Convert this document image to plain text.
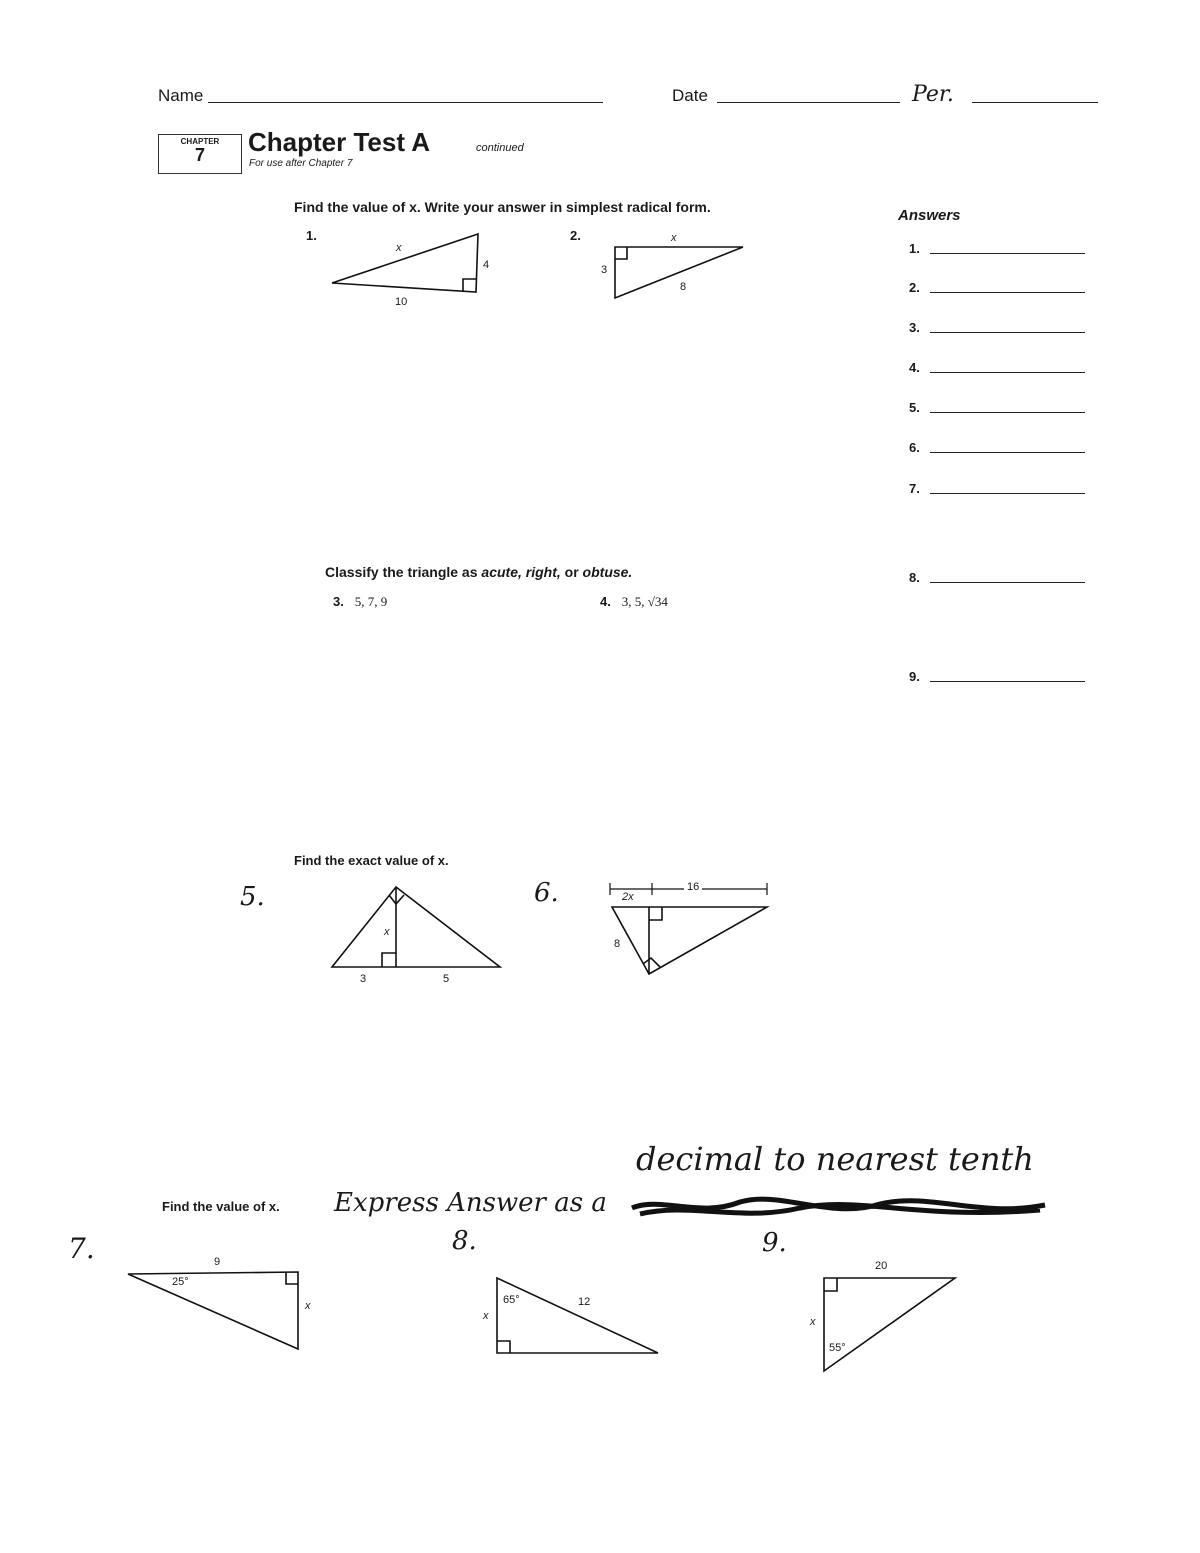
Name	Date	Per.
CHAPTER
7	Chapter Test A	continued
For use after Chapter 7
Find the value of x. Write your answer in simplest radical form.
1.	2.
Answers
1.
2.
3.
4.
5.
6.
7.
8.
9.
Classify the triangle as acute, right, or obtuse.
3. 5, 7, 9	4. 3, 5, √34
Find the exact value of x.
5.	6.
Find the value of x. Express Answer as a
decimal to nearest tenth
7.	8.	9.
x
4
10
x
3
8
x
3	5
2x
16
8
9
25°
x	65°	12
x
20
x
55°
